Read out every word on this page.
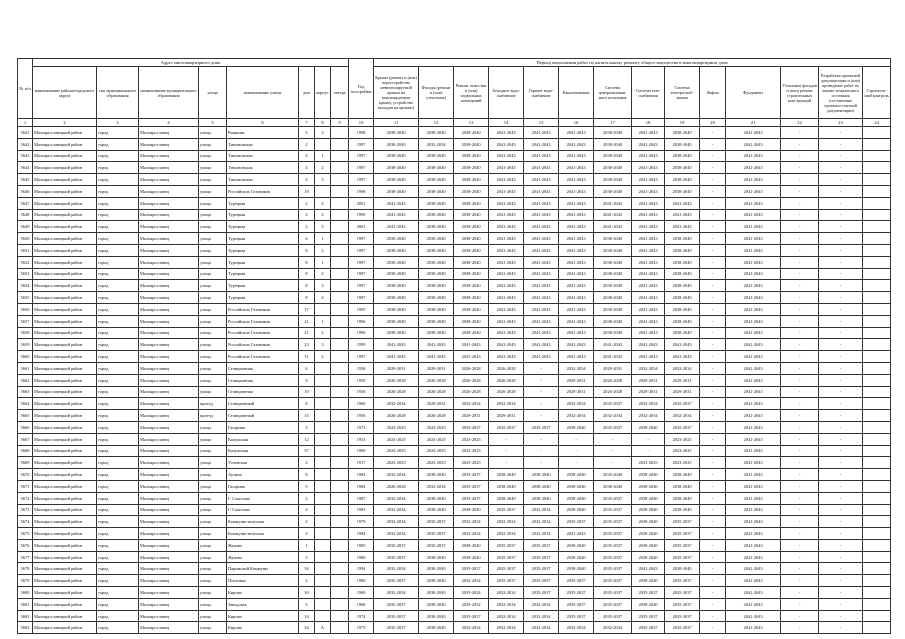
№ п/п	Адрес многоквартирного дома								Год постройки	Период выполнения работ по капитальному ремонту общего имущества в многоквартирном доме													
	наименование района/городского округа	тип муниципального образования	наименование муниципального образования	улица	наименование улицы	дом	корпус	литера		Крыша (ремонт и (или) переустройство невентилируемой крыши на вентилируемую крышу, устройство выходов на кровлю)	Фасады (ремонт и (или) утепление)	Ремонт отмостки и (или) подвальных помещений	Холодное водо-снабжение	Горячее водо-снабжение	Канализование	Система централизован-ного отопления	Система газо-снабжения	Система электроснаб-жения	Лифты	Фундамент	Утепление фасадов и (или) ремонт строительных конструкций	Разработка проектной документации и (или) проведение работ по оценке технического состояния (составление проектно-сметной документации)	Строитель-ный контроль
1	2	3	4	5	6	7	8	9	10	11	12	13	14	15	16	17	18	19	20	21	22	23	24
5641	Малоярославецкий район	город	Малоярославец	улица	Рыжкова	5	3		1998	2038-2040	2038-2040	2038-2040	2041-2043	2041-2043	2041-2043	2038-2040	2041-2043	2038-2040	-	2041-2043	-	-	
5642	Малоярославецкий район	город	Малоярославец	улица	Тимоновская	2			1997	2038-2040	2032-2034	2038-2040	2041-2043	2041-2043	2041-2043	2038-2040	2041-2043	2038-2040	-	2041-2043	-	-	
5643	Малоярославецкий район	город	Малоярославец	улица	Тимоновская	4	1		1997	2038-2040	2038-2040	2038-2040	2041-2043	2041-2043	2041-2043	2038-2040	2041-2043	2038-2040	-	2041-2043	-	-	
5644	Малоярославецкий район	город	Малоярославец	улица	Тимоновская	4	2		1997	2038-2040	2038-2040	2038-2040	2041-2043	2041-2043	2041-2043	2038-2040	2041-2043	2038-2040	-	2041-2043	-	-	
5645	Малоярославецкий район	город	Малоярославец	улица	Тимоновская	4	3		1997	2038-2040	2038-2040	2038-2040	2041-2043	2041-2043	2041-2043	2038-2040	2041-2043	2038-2040	-	2041-2043	-	-	
5646	Малоярославецкий район	город	Малоярославец	улица	Российских Газовиков	19			1998	2038-2040	2038-2040	2038-2040	2041-2043	2041-2043	2041-2043	2038-2040	2041-2043	2038-2040	-	2041-2043	-	-	
5647	Малоярославецкий район	город	Малоярославец	улица	Турецкая	2	4		2001	2041-2043	2038-2040	2038-2040	2041-2043	2041-2043	2041-2043	2041-2043	2041-2043	2041-2043	-	2041-2043	-	-	
5648	Малоярославецкий район	город	Малоярославец	улица	Турецкая	2	2		1999	2041-2043	2038-2040	2038-2040	2041-2043	2041-2043	2041-2043	2041-2043	2041-2043	2041-2043	-	2041-2043	-	-	
5649	Малоярославецкий район	город	Малоярославец	улица	Турецкая	2	3		2001	2041-2043	2038-2040	2038-2040	2041-2043	2041-2043	2041-2043	2041-2043	2041-2043	2041-2043	-	2041-2043	-	-	
5650	Малоярославецкий район	город	Малоярославец	улица	Турецкая	6	1		1997	2038-2040	2038-2040	2038-2040	2041-2043	2041-2043	2041-2043	2038-2040	2041-2043	2038-2040	-	2041-2043	-	-	
5651	Малоярославецкий район	город	Малоярославец	улица	Турецкая	6	2		1997	2038-2040	2038-2040	2038-2040	2041-2043	2041-2043	2041-2043	2038-2040	2041-2043	2038-2040	-	2041-2043	-	-	
5652	Малоярославецкий район	город	Малоярославец	улица	Турецкая	8	1		1997	2038-2040	2038-2040	2038-2040	2041-2043	2041-2043	2041-2043	2038-2040	2041-2043	2038-2040	-	2041-2043	-	-	
5653	Малоярославецкий район	город	Малоярославец	улица	Турецкая	8	2		1997	2038-2040	2038-2040	2038-2040	2041-2043	2041-2043	2041-2043	2038-2040	2041-2043	2038-2040	-	2041-2043	-	-	
5654	Малоярославецкий район	город	Малоярославец	улица	Турецкая	8	3		1997	2038-2040	2038-2040	2038-2040	2041-2043	2041-2043	2041-2043	2038-2040	2041-2043	2038-2040	-	2041-2043	-	-	
5655	Малоярославецкий район	город	Малоярославец	улица	Турецкая	8	4		1997	2038-2040	2038-2040	2038-2040	2041-2043	2041-2043	2041-2043	2038-2040	2041-2043	2038-2040	-	2041-2043	-	-	
5656	Малоярославецкий район	город	Малоярославец	улица	Российских Газовиков	17			1995	2038-2040	2038-2040	2038-2040	2041-2043	2041-2043	2041-2043	2038-2040	2041-2043	2038-2040	-	2041-2043	-	-	
5657	Малоярославецкий район	город	Малоярославец	улица	Российских Газовиков	21	1		1996	2038-2040	2038-2040	2038-2040	2041-2043	2041-2043	2041-2043	2038-2040	2041-2043	2038-2040	-	2041-2043	-	-	
5658	Малоярославецкий район	город	Малоярославец	улица	Российских Газовиков	21	2		1996	2038-2040	2038-2040	2038-2040	2041-2043	2041-2043	2041-2043	2038-2040	2041-2043	2038-2040	-	2041-2043	-	-	
5659	Малоярославецкий район	город	Малоярославец	улица	Российских Газовиков	23	3		1999	2041-2043	2041-2043	2041-2043	2041-2043	2041-2043	2041-2043	2041-2043	2041-2043	2041-2043	-	2041-2043	-	-	
5660	Малоярославецкий район	город	Малоярославец	улица	Российских Газовиков	11	2		1997	2041-2043	2041-2043	2041-2043	2041-2043	2041-2043	2041-2043	2041-2043	2041-2043	2041-2043	-	2041-2043	-	-	
5661	Малоярославецкий район	город	Малоярославец	улица	Станционная	6			1936	2029-2031	2029-2031	2026-2028	2026-2028	-	2032-2034	2029-2031	2032-2034	2032-2034	-	2041-2043	-	-	
5662	Малоярославецкий район	город	Малоярославец	улица	Станционная	9			1959	2026-2028	2026-2028	2026-2028	2026-2028	-	2029-2031	2026-2028	2029-2031	2029-2031	-	2041-2043	-	-	
5663	Малоярославецкий район	город	Малоярославец	улица	Станционная	10			1936	2026-2028	2026-2028	2026-2028	2026-2028	-	2029-2031	2026-2028	2029-2031	2029-2031	-	2041-2043	-	-	
5664	Малоярославецкий район	город	Малоярославец	проезд	Станционный	8			1960	2032-2034	2029-2031	2032-2034	2032-2034	-	2032-2034	2035-2037	2032-2034	2035-2037	-	2041-2043	-	-	
5665	Малоярославецкий район	город	Малоярославец	проезд	Станционный	15			1956	2026-2028	2026-2028	2029-2031	2029-2031	-	2032-2034	2032-2034	2032-2034	2032-2034	-	2041-2043	-	-	
5666	Малоярославецкий район	город	Малоярославец	улица	Гагарина	5			1973	2023-2025	2023-2025	2035-2037	2035-2037	2035-2037	2038-2040	2035-2037	2038-2040	2035-2037	-	2041-2043	-	-	
5667	Малоярославецкий район	город	Малоярославец	улица	Калужская	12			1953	2023-2025	2023-2025	2023-2025	-	-	-	-	-	2023-2025	-	2041-2043	-	-	
5668	Малоярославецкий район	город	Малоярославец	улица	Калужская	37			1960	2023-2025	2023-2025	2023-2025	-	-	-	-	-	2023-2025	-	2041-2043	-	-	
5669	Малоярославецкий район	город	Малоярославец	улица	Успенская	2			1917	2023-2025	2023-2025	2023-2025	-	-	-	-	2023-2025	2023-2025	-	2041-2043	-	-	
5670	Малоярославецкий район	город	Малоярославец	улица	Аузина	8			1984	2032-2034	2038-2040	2035-2037	2038-2040	2038-2040	2038-2040	2035-2040	2038-2040	2038-2040	-	2041-2043	-	-	
5671	Малоярославецкий район	город	Малоярославец	улица	Гагарина	9			1984	2026-2028	2032-2034	2035-2037	2038-2040	2038-2040	2038-2040	2038-2040	2038-2040	2038-2040	-	2041-2043	-	-	
5672	Малоярославецкий район	город	Малоярославец	улица	Г. Соколова	2			1987	2032-2034	2038-2040	2035-2037	2038-2040	2038-2040	2038-2040	2035-2037	2038-2040	2038-2040	-	2041-2043	-	-	
5673	Малоярославецкий район	город	Малоярославец	улица	Г. Соколова	4			1983	2032-2034	2038-2040	2038-2040	2035-2037	2032-2034	2038-2040	2035-2037	2038-2040	2038-2040	-	2041-2043	-	-	
5674	Малоярославецкий район	город	Малоярославец	улица	Коммунистическая	2			1979	2032-2034	2035-2037	2032-2034	2032-2034	2032-2034	2035-2037	2035-2037	2038-2040	2035-2037	-	2041-2043	-	-	
5675	Малоярославецкий район	город	Малоярославец	улица	Коммунистическая	4			1984	2032-2034	2035-2037	2032-2034	2032-2034	2032-2034	2041-2043	2035-2037	2038-2040	2035-2037	-	2041-2043	-	-	
5676	Малоярославецкий район	город	Малоярославец	улица	Жукова	1			1985	2035-2037	2035-2037	2038-2040	2035-2037	2035-2037	2038-2040	2035-2037	2038-2040	2035-2037	-	2041-2043	-	-	
5677	Малоярославецкий район	город	Малоярославец	улица	Жукова	5			1986	2035-2037	2038-2040	2038-2040	2035-2037	2035-2037	2038-2040	2035-2037	2038-2040	2035-2037	-	2041-2043	-	-	
5678	Малоярославецкий район	город	Малоярославец	улица	Парижской Коммуны	34			1994	2032-2034	2038-2040	2035-2037	2035-2037	2035-2037	2038-2040	2035-2037	2041-2043	2038-2040	-	2041-2043	-	-	
5679	Малоярославецкий район	город	Малоярославец	улица	Почтовая	2			1980	2035-2037	2038-2040	2032-2034	2035-2037	2035-2037	2035-2037	2035-2037	2038-2040	2035-2037	-	2041-2043	-	-	
5680	Малоярославецкий район	город	Малоярославец	улица	Кирова	30			1969	2032-2034	2038-2040	2035-2034	2032-2034	2035-2037	2035-2037	2035-2037	2035-2037	2035-2037	-	2041-2043	-	-	
5681	Малоярославецкий район	город	Малоярославец	улица	Заводская	5			1968	2035-2037	2038-2040	2029-2032	2032-2034	2032-2034	2035-2037	2035-2037	2038-2040	2035-2037	-	2041-2043	-	-	
5682	Малоярославецкий район	город	Малоярославец	улица	Кирова	14			1974	2035-2037	2038-2040	2035-2037	2032-2034	2032-2034	2035-2037	2035-2037	2035-2037	2035-2037	-	2041-2043	-	-	
5683	Малоярославецкий район	город	Малоярославец	улица	Кирова	34	А		1975	2035-2037	2038-2040	2032-2034	2032-2034	2032-2034	2032-2034	2032-2034	2035-2037	2035-2037	-	2041-2043	-	-	
